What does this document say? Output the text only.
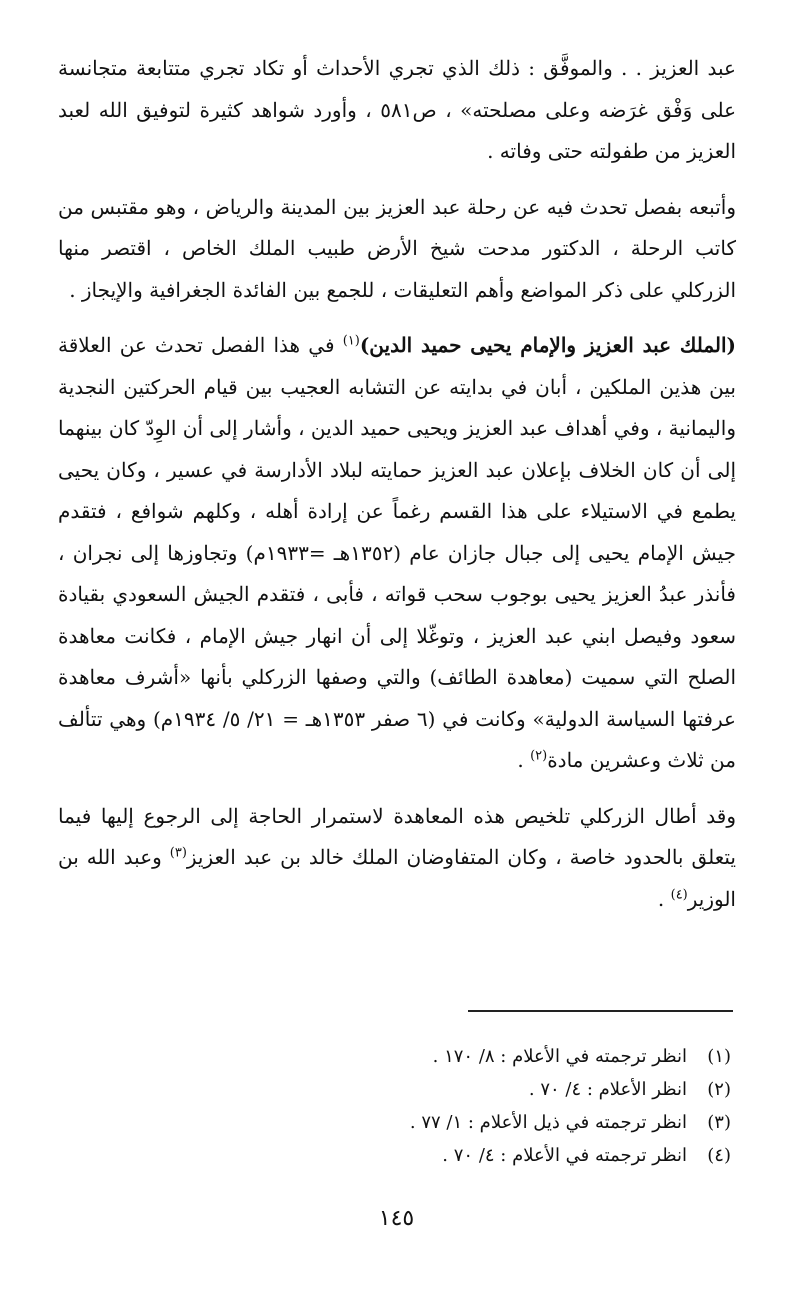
عبد العزيز . . والموفَّق : ذلك الذي تجري الأحداث أو تكاد تجري متتابعة متجانسة على وَفْق غرَضه وعلى مصلحته» ، ص٥٨١ ، وأورد شواهد كثيرة لتوفيق الله لعبد العزيز من طفولته حتى وفاته .

وأتبعه بفصل تحدث فيه عن رحلة عبد العزيز بين المدينة والرياض ، وهو مقتبس من كاتب الرحلة ، الدكتور مدحت شيخ الأرض طبيب الملك الخاص ، اقتصر منها الزركلي على ذكر المواضع وأهم التعليقات ، للجمع بين الفائدة الجغرافية والإيجاز .

(الملك عبد العزيز والإمام يحيى حميد الدين)$^{(١)}$ في هذا الفصل تحدث عن العلاقة بين هذين الملكين ، أبان في بدايته عن التشابه العجيب بين قيام الحركتين النجدية واليمانية ، وفي أهداف عبد العزيز ويحيى حميد الدين ، وأشار إلى أن الوِدّ كان بينهما إلى أن كان الخلاف بإعلان عبد العزيز حمايته لبلاد الأدارسة في عسير ، وكان يحيى يطمع في الاستيلاء على هذا القسم رغماً عن إرادة أهله ، وكلهم شوافع ، فتقدم جيش الإمام يحيى إلى جبال جازان عام (١٣٥٢هـ =١٩٣٣م) وتجاوزها إلى نجران ، فأنذر عبدُ العزيز يحيى بوجوب سحب قواته ، فأبى ، فتقدم الجيش السعودي بقيادة سعود وفيصل ابني عبد العزيز ، وتوغّلا إلى أن انهار جيش الإمام ، فكانت معاهدة الصلح التي سميت (معاهدة الطائف) والتي وصفها الزركلي بأنها «أشرف معاهدة عرفتها السياسة الدولية» وكانت في (٦ صفر ١٣٥٣هـ = ٢١/ ٥/ ١٩٣٤م) وهي تتألف من ثلاث وعشرين مادة$^{(٢)}$ .

وقد أطال الزركلي تلخيص هذه المعاهدة لاستمرار الحاجة إلى الرجوع إليها فيما يتعلق بالحدود خاصة ، وكان المتفاوضان الملك خالد بن عبد العزيز$^{(٣)}$ وعبد الله بن الوزير$^{(٤)}$ .

(١)انظر ترجمته في الأعلام : ٨/ ١٧٠ .
(٢)انظر الأعلام : ٤/ ٧٠ .
(٣)انظر ترجمته في ذيل الأعلام : ١/ ٧٧ .
(٤)انظر ترجمته في الأعلام : ٤/ ٧٠ .
١٤٥
